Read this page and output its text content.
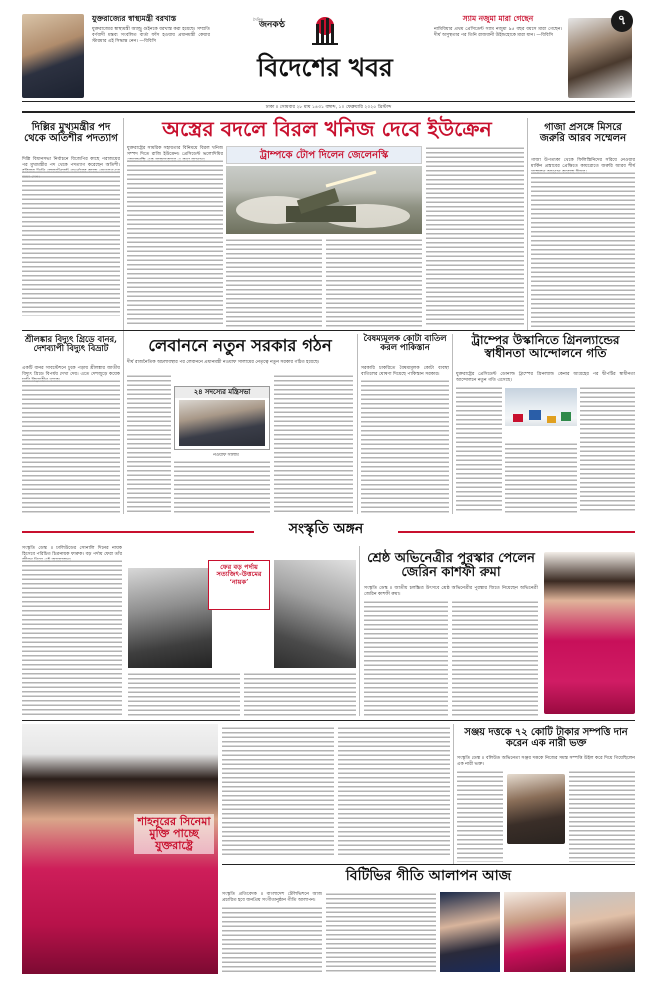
যুক্তরাজ্যের স্বাস্থ্যমন্ত্রী বরখাস্ত
যুক্তরাজ্যের স্বাস্থ্যমন্ত্রী অ্যান্ড্রু গুইনকে বরখাস্ত করা হয়েছে। সম্প্রতি বর্ণবাদী মন্তব্য সংবলিত বার্তা ফাঁস হওয়ায় প্রধানমন্ত্রী কেয়ার স্টারমার এই সিদ্ধান্ত নেন। —বিবিসি
দৈনিক
জনকণ্ঠ
বিদেশের খবর
স্যাম নজুমা মারা গেছেন
নামিবিয়ার প্রথম প্রেসিডেন্ট স্যাম নজুমা ৯৫ বছর বয়সে মারা গেছেন। দীর্ঘ অসুস্থতার পর তিনি রাজধানী উইন্ডহোকে মারা যান। —বিবিসি
৭
ঢাকা ॥ সোমবার ২৮ মাঘ ১৪৩১ বঙ্গাব্দ, ১০ ফেব্রুয়ারি ২০২৫ খ্রিস্টাব্দ
দিল্লির মুখ্যমন্ত্রীর পদ থেকে অতিশীর পদত্যাগ
দিল্লি বিধানসভা নির্বাচনে বিজেপির কাছে পরাজয়ের পর মুখ্যমন্ত্রীর পদ থেকে পদত্যাগ করেছেন অতিশী।
অস্ত্রের বদলে বিরল খনিজ দেবে ইউক্রেন
যুক্তরাষ্ট্রের সামরিক সহায়তার বিনিময়ে বিরল খনিজ সম্পদ দিতে রাজি ইউক্রেন। প্রেসিডেন্ট ভলোদিমির	ট্রাম্পকে টোপ দিলেন জেলেনস্কি
গাজা প্রসঙ্গে মিসরে জরুরি আরব সম্মেলন
গাজা উপত্যকা থেকে ফিলিস্তিনিদের সরিয়ে নেওয়ার মার্কিন প্রস্তাবের প্রেক্ষিতে কায়রোতে জরুরি আরব শীর্ষ
শ্রীলঙ্কার বিদ্যুৎ গ্রিডে বানর, দেশব্যাপী বিদ্যুৎ বিভ্রাট
একটি বানর সাবস্টেশনে ঢুকে পড়ায় শ্রীলঙ্কার জাতীয় বিদ্যুৎ গ্রিডে বিপর্যয় দেখা দেয়। এতে দেশজুড়ে কয়েক
লেবাননে নতুন সরকার গঠন
দীর্ঘ রাজনৈতিক অচলাবস্থার পর লেবাননে প্রধানমন্ত্রী নওয়াফ সালামের নেতৃত্বে নতুন সরকার গঠিত হয়েছে।
২৪ সদস্যের মন্ত্রিসভা
নওয়াফ সালাম
বৈষম্যমূলক কোটা বাতিল করল পাকিস্তান
সরকারি চাকরিতে বৈষম্যমূলক কোটা ব্যবস্থা বাতিলের ঘোষণা দিয়েছে পাকিস্তান সরকার।
ট্রাম্পের উস্কানিতে গ্রিনল্যান্ডের স্বাধীনতা আন্দোলনে গতি
যুক্তরাষ্ট্রের প্রেসিডেন্ট ডোনাল্ড ট্রাম্পের গ্রিনল্যান্ড কেনার আগ্রহের পর দ্বীপটির স্বাধীনতা আন্দোলনে নতুন গতি এসেছে।
সংস্কৃতি অঙ্গন
সংস্কৃতি ডেস্ক ॥ ঢালিউডের সোনালি দিনের নায়ক হিসেবে পরিচিত চিত্রনায়ক ফারুক। বড় পর্দায় ফেরা তাঁর
ফের বড় পর্দায় সত্যজিৎ-উত্তমের ‘নায়ক’
শ্রেষ্ঠ অভিনেত্রীর পুরস্কার পেলেন জেরিন কাশফী রুমা
সংস্কৃতি ডেস্ক ॥ জাতীয় চলচ্চিত্র উৎসবে শ্রেষ্ঠ অভিনেত্রীর পুরস্কার জিতে নিয়েছেন অভিনেত্রী জেরিন কাশফী রুমা।
শাহনূরের সিনেমা মুক্তি পাচ্ছে যুক্তরাষ্ট্রে
সঞ্জয় দত্তকে ৭২ কোটি টাকার সম্পত্তি দান করেন এক নারী ভক্ত
সংস্কৃতি ডেস্ক ॥ বলিউড অভিনেতা সঞ্জয় দত্তকে নিজের সমস্ত সম্পত্তি উইল করে দিয়ে গিয়েছিলেন এক নারী ভক্ত।
বিটিভির গীতি আলাপন আজ
সংস্কৃতি প্রতিবেদক ॥ বাংলাদেশ টেলিভিশনে আজ প্রচারিত হবে জনপ্রিয় সংগীতানুষ্ঠান গীতি আলাপন।
